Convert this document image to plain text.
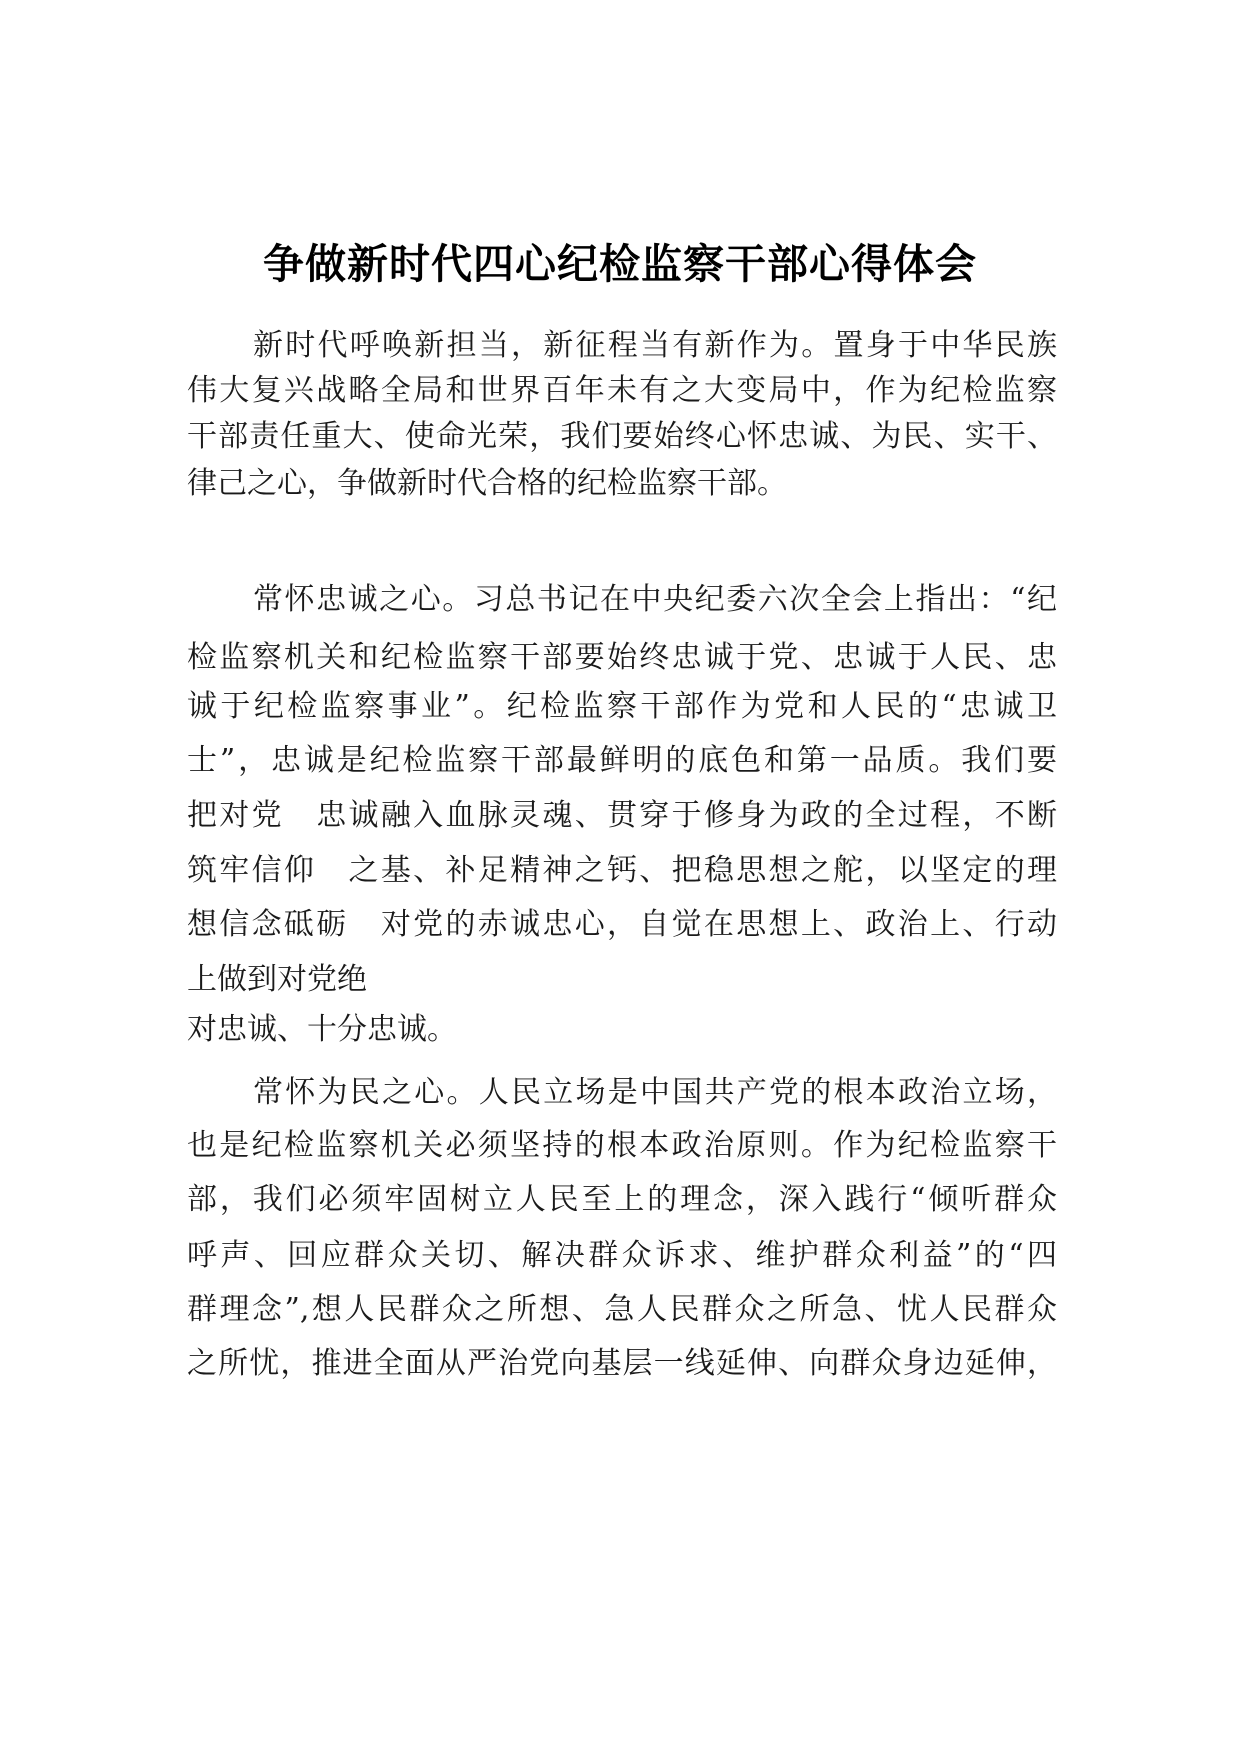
争做新时代四心纪检监察干部心得体会
新时代呼唤新担当，新征程当有新作为。置身于中华民族
伟大复兴战略全局和世界百年未有之大变局中，作为纪检监察
干部责任重大、使命光荣，我们要始终心怀忠诚、为民、实干、
律己之心，争做新时代合格的纪检监察干部。
常怀忠诚之心。习总书记在中央纪委六次全会上指出：“纪
检监察机关和纪检监察干部要始终忠诚于党、忠诚于人民、忠
诚于纪检监察事业”。纪检监察干部作为党和人民的“忠诚卫
士”，忠诚是纪检监察干部最鲜明的底色和第一品质。我们要
把对党　忠诚融入血脉灵魂、贯穿于修身为政的全过程，不断
筑牢信仰　之基、补足精神之钙、把稳思想之舵，以坚定的理
想信念砥砺　对党的赤诚忠心，自觉在思想上、政治上、行动
上做到对党绝
对忠诚、十分忠诚。
常怀为民之心。人民立场是中国共产党的根本政治立场，
也是纪检监察机关必须坚持的根本政治原则。作为纪检监察干
部，我们必须牢固树立人民至上的理念，深入践行“倾听群众
呼声、回应群众关切、解决群众诉求、维护群众利益”的“四
群理念”,想人民群众之所想、急人民群众之所急、忧人民群众
之所忧，推进全面从严治党向基层一线延伸、向群众身边延伸，
